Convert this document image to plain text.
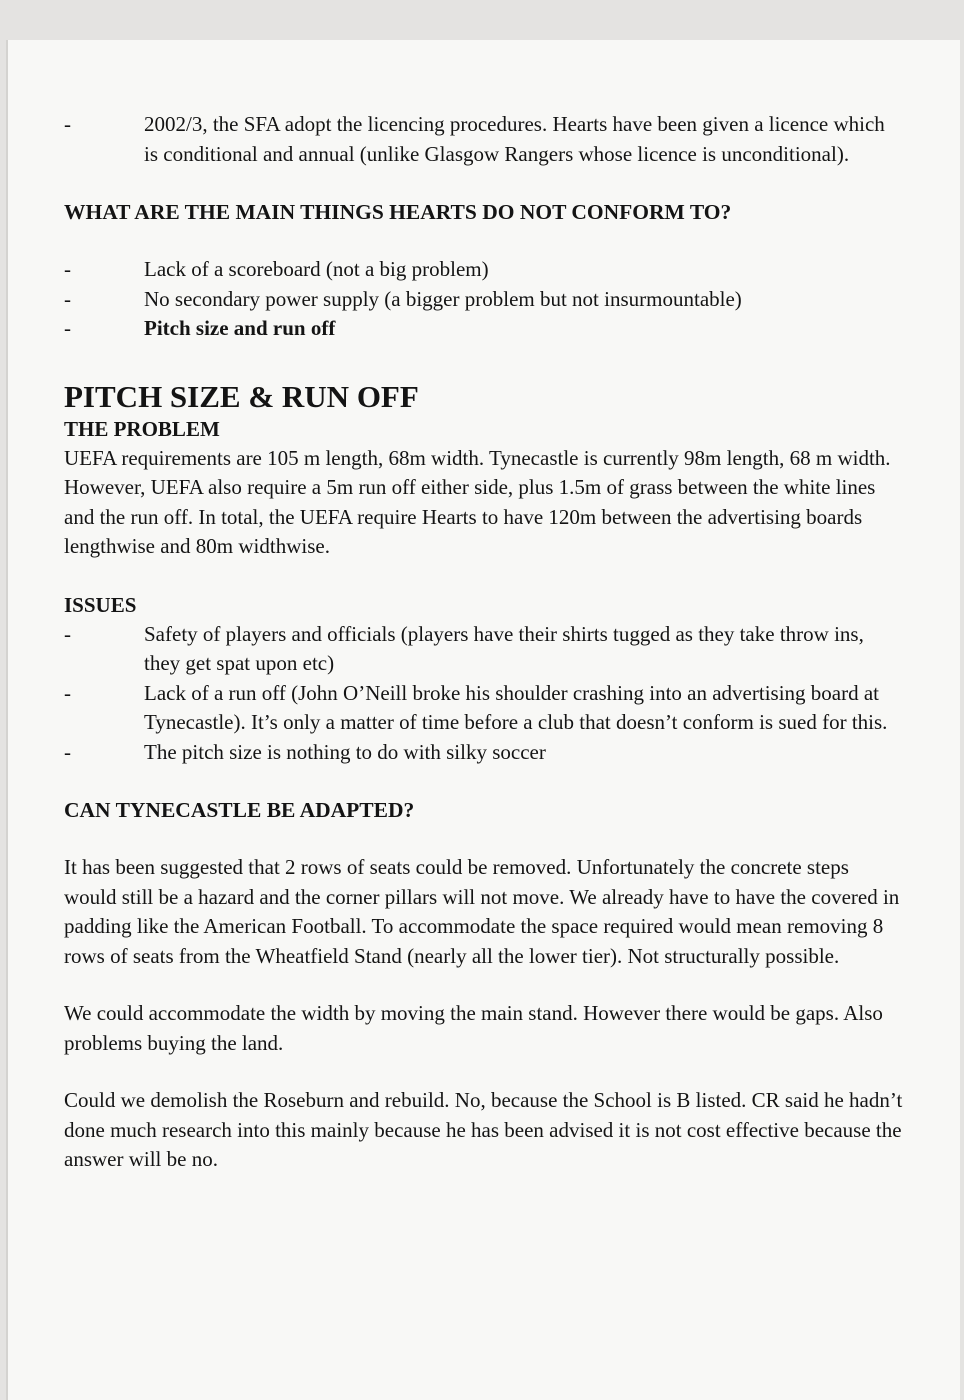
-	2002/3, the SFA adopt the licencing procedures. Hearts have been given a licence which is conditional and annual (unlike Glasgow Rangers whose licence is unconditional).
WHAT ARE THE MAIN THINGS HEARTS DO NOT CONFORM TO?
-	Lack of a scoreboard (not a big problem)
-	No secondary power supply (a bigger problem but not insurmountable)
-	Pitch size and run off
PITCH SIZE & RUN OFF
THE PROBLEM

UEFA requirements are 105 m length, 68m width. Tynecastle is currently 98m length, 68 m width. However, UEFA also require a 5m run off either side, plus 1.5m of grass between the white lines and the run off. In total, the UEFA require Hearts to have 120m between the advertising boards lengthwise and 80m widthwise.

ISSUES
-	Safety of players and officials (players have their shirts tugged as they take throw ins, they get spat upon etc)
-	Lack of a run off (John O’Neill broke his shoulder crashing into an advertising board at Tynecastle). It’s only a matter of time before a club that doesn’t conform is sued for this.
-	The pitch size is nothing to do with silky soccer
CAN TYNECASTLE BE ADAPTED?

It has been suggested that 2 rows of seats could be removed. Unfortunately the concrete steps would still be a hazard and the corner pillars will not move. We already have to have the covered in padding like the American Football. To accommodate the space required would mean removing 8 rows of seats from the Wheatfield Stand (nearly all the lower tier). Not structurally possible.

We could accommodate the width by moving the main stand. However there would be gaps. Also problems buying the land.

Could we demolish the Roseburn and rebuild. No, because the School is B listed. CR said he hadn’t done much research into this mainly because he has been advised it is not cost effective because the answer will be no.
